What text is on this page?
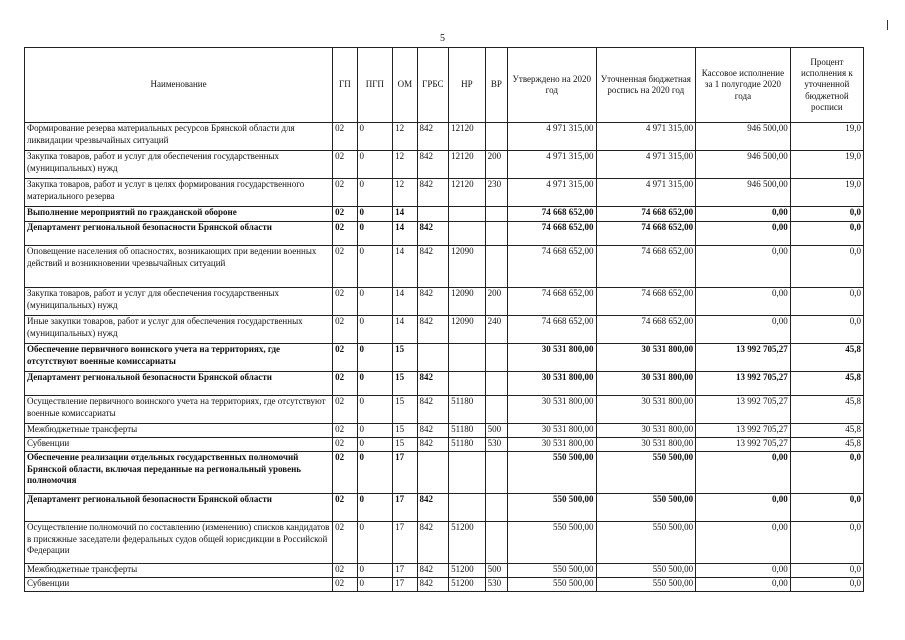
5
Наименование	ГП	ПГП	ОМ	ГРБС	НР	ВР	Утверждено на 2020 год	Уточненная бюджетная роспись на 2020 год	Кассовое исполнение за 1 полугодие 2020 года	Процент исполнения к уточненной бюджетной росписи
Формирование резерва материальных ресурсов Брянской области для ликвидации чрезвычайных ситуаций	02	0	12	842	12120		4 971 315,00	4 971 315,00	946 500,00	19,0
Закупка товаров, работ и услуг для обеспечения государственных (муниципальных) нужд	02	0	12	842	12120	200	4 971 315,00	4 971 315,00	946 500,00	19,0
Закупка товаров, работ и услуг в целях формирования государственного материального резерва	02	0	12	842	12120	230	4 971 315,00	4 971 315,00	946 500,00	19,0
Выполнение мероприятий по гражданской обороне	02	0	14				74 668 652,00	74 668 652,00	0,00	0,0
Департамент региональной безопасности Брянской области	02	0	14	842			74 668 652,00	74 668 652,00	0,00	0,0
Оповещение населения об опасностях, возникающих при ведении военных действий и возникновении чрезвычайных ситуаций	02	0	14	842	12090		74 668 652,00	74 668 652,00	0,00	0,0
Закупка товаров, работ и услуг для обеспечения государственных (муниципальных) нужд	02	0	14	842	12090	200	74 668 652,00	74 668 652,00	0,00	0,0
Иные закупки товаров, работ и услуг для обеспечения государственных (муниципальных) нужд	02	0	14	842	12090	240	74 668 652,00	74 668 652,00	0,00	0,0
Обеспечение первичного воинского учета на территориях, где отсутствуют военные комиссариаты	02	0	15				30 531 800,00	30 531 800,00	13 992 705,27	45,8
Департамент региональной безопасности Брянской области	02	0	15	842			30 531 800,00	30 531 800,00	13 992 705,27	45,8
Осуществление первичного воинского учета на территориях, где отсутствуют военные комиссариаты	02	0	15	842	51180		30 531 800,00	30 531 800,00	13 992 705,27	45,8
Межбюджетные трансферты	02	0	15	842	51180	500	30 531 800,00	30 531 800,00	13 992 705,27	45,8
Субвенции	02	0	15	842	51180	530	30 531 800,00	30 531 800,00	13 992 705,27	45,8
Обеспечение реализации отдельных государственных полномочий Брянской области, включая переданные на региональный уровень полномочия	02	0	17				550 500,00	550 500,00	0,00	0,0
Департамент региональной безопасности Брянской области	02	0	17	842			550 500,00	550 500,00	0,00	0,0
Осуществление полномочий по составлению (изменению) списков кандидатов в присяжные заседатели федеральных судов общей юрисдикции в Российской Федерации	02	0	17	842	51200		550 500,00	550 500,00	0,00	0,0
Межбюджетные трансферты	02	0	17	842	51200	500	550 500,00	550 500,00	0,00	0,0
Субвенции	02	0	17	842	51200	530	550 500,00	550 500,00	0,00	0,0
